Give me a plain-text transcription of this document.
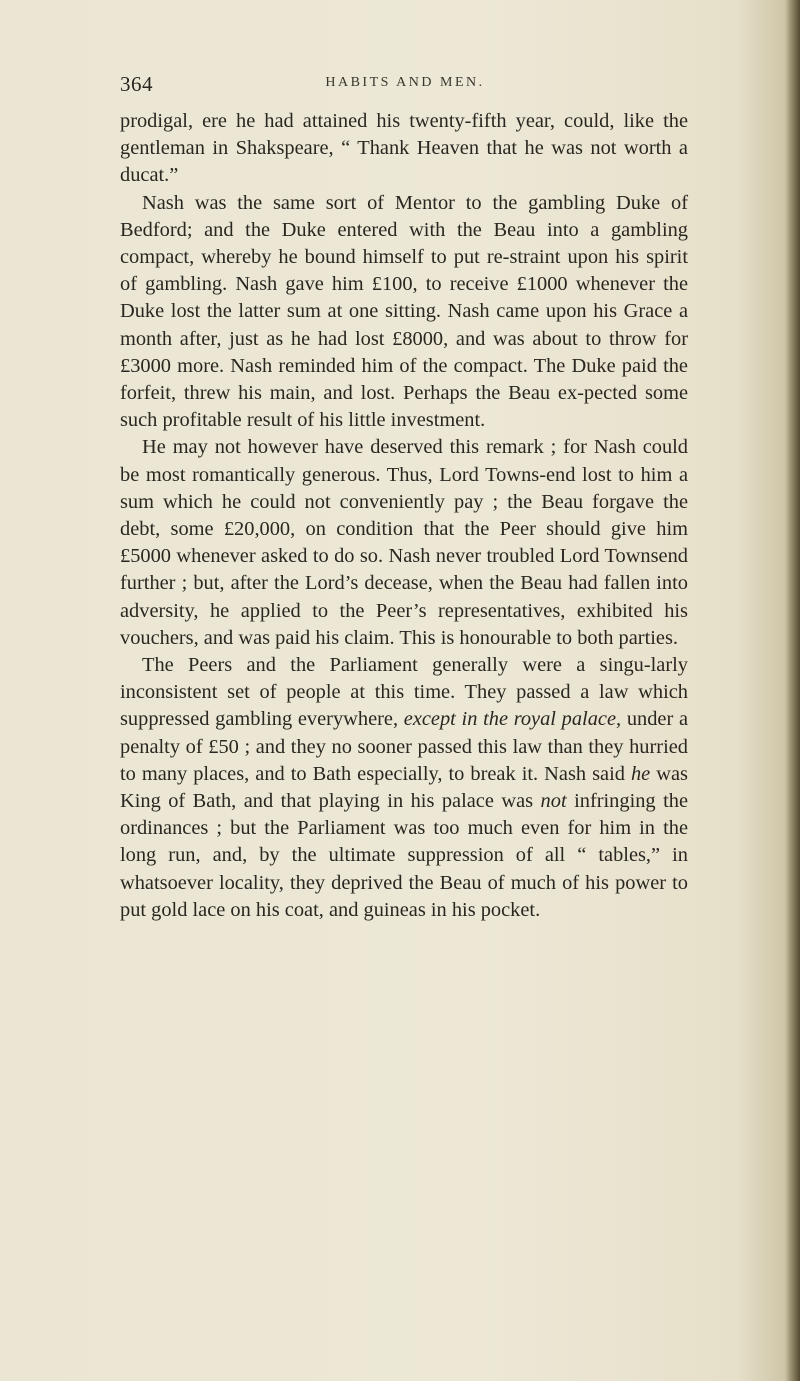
364	HABITS AND MEN.

prodigal, ere he had attained his twenty-fifth year, could, like the gentleman in Shakspeare, “ Thank Heaven that he was not worth a ducat.”

Nash was the same sort of Mentor to the gambling Duke of Bedford; and the Duke entered with the Beau into a gambling compact, whereby he bound himself to put re-straint upon his spirit of gambling. Nash gave him £100, to receive £1000 whenever the Duke lost the latter sum at one sitting. Nash came upon his Grace a month after, just as he had lost £8000, and was about to throw for £3000 more. Nash reminded him of the compact. The Duke paid the forfeit, threw his main, and lost. Perhaps the Beau ex-pected some such profitable result of his little investment.

He may not however have deserved this remark ; for Nash could be most romantically generous. Thus, Lord Towns-end lost to him a sum which he could not conveniently pay ; the Beau forgave the debt, some £20,000, on condition that the Peer should give him £5000 whenever asked to do so. Nash never troubled Lord Townsend further ; but, after the Lord’s decease, when the Beau had fallen into adversity, he applied to the Peer’s representatives, exhibited his vouchers, and was paid his claim. This is honourable to both parties.

The Peers and the Parliament generally were a singu-larly inconsistent set of people at this time. They passed a law which suppressed gambling everywhere, except in the royal palace, under a penalty of £50 ; and they no sooner passed this law than they hurried to many places, and to Bath especially, to break it. Nash said he was King of Bath, and that playing in his palace was not infringing the ordinances ; but the Parliament was too much even for him in the long run, and, by the ultimate suppression of all “ tables,” in whatsoever locality, they deprived the Beau of much of his power to put gold lace on his coat, and guineas in his pocket.
